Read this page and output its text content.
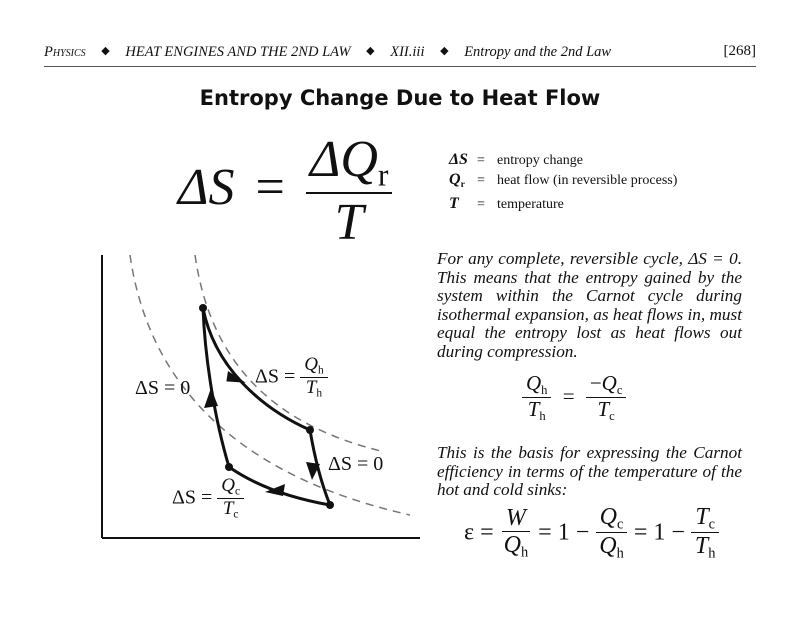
Physics ◆ HEAT ENGINES AND THE 2ND LAW ◆ XII.iii ◆ Entropy and the 2nd Law	[268]
Entropy Change Due to Heat Flow
$\Delta S = \frac{\Delta Q_r}{T}$	ΔS = entropy change
$Q_r$ = heat flow (in reversible process)
T	= temperature
ΔS = 0
ΔS = 0
$\Delta S = \frac{Q_h}{T_h}$
$\Delta S = \frac{Q_c}{T_c}$
For any complete, reversible cycle, ΔS = 0. This means that the entropy gained by the system within the Carnot cycle during isothermal expansion, as heat flows in, must equal the entropy lost as heat flows out during compression.
$\frac{Q_h}{T_h} = \frac{-Q_c}{T_c}$
This is the basis for expressing the Carnot efficiency in terms of the temperature of the hot and cold sinks:
$\varepsilon = \frac{W}{Q_h} = 1 - \frac{Q_c}{Q_h} = 1 - \frac{T_c}{T_h}$
